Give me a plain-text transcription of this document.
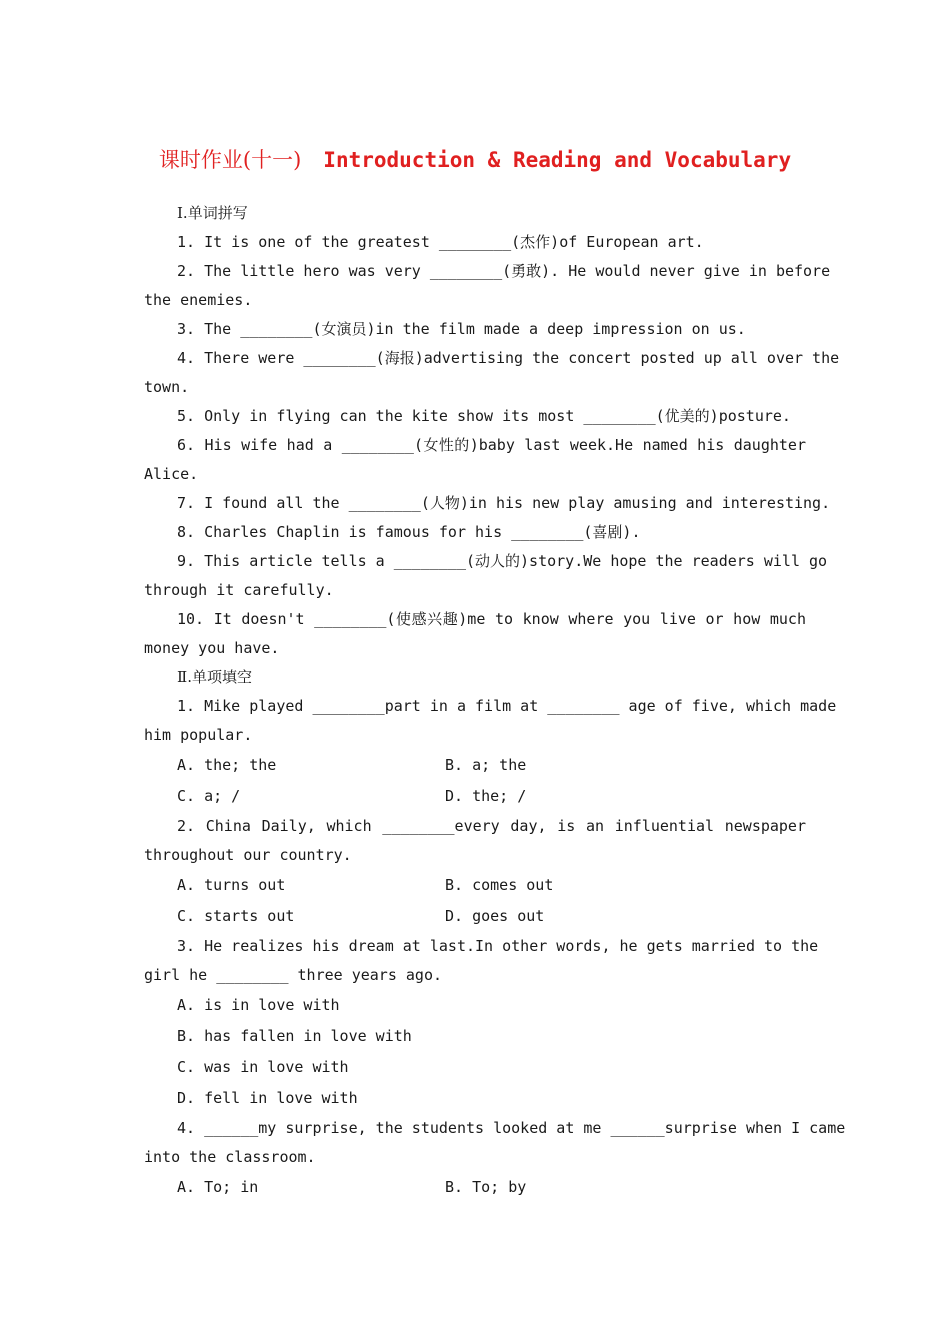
课时作业(十一) Introduction & Reading and Vocabulary
Ⅰ.单词拼写
1. It is one of the greatest ________(杰作)of European art.
2. The little hero was very ________(勇敢). He would never give in before
the enemies.
3. The ________(女演员)in the film made a deep impression on us.
4. There were ________(海报)advertising the concert posted up all over the
town.
5. Only in flying can the kite show its most ________(优美的)posture.
6. His wife had a ________(女性的)baby last week.He named his daughter
Alice.
7. I found all the ________(人物)in his new play amusing and interesting.
8. Charles Chaplin is famous for his ________(喜剧).
9. This article tells a ________(动人的)story.We hope the readers will go
through it carefully.
10. It doesn't ________(使感兴趣)me to know where you live or how much
money you have.
Ⅱ.单项填空
1. Mike played ________part in a film at ________ age of five, which made
him popular.
A. the; the	B. a; the
C. a; /	D. the; /
2. China Daily, which ________every day, is an influential newspaper
throughout our country.
A. turns out	B. comes out
C. starts out	D. goes out
3. He realizes his dream at last.In other words, he gets married to the
girl he ________ three years ago.
A. is in love with
B. has fallen in love with
C. was in love with
D. fell in love with
4. ______my surprise, the students looked at me ______surprise when I came
into the classroom.
A. To; in	B. To; by
